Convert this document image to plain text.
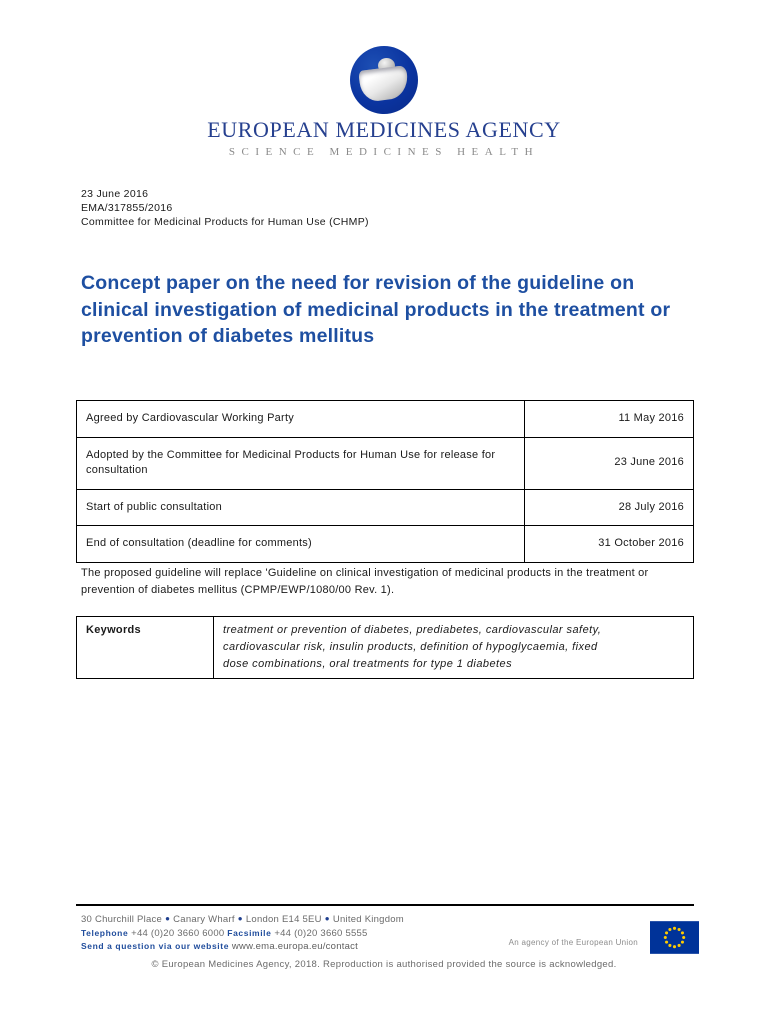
EUROPEAN MEDICINES AGENCY
SCIENCE MEDICINES HEALTH
23 June 2016
EMA/317855/2016
Committee for Medicinal Products for Human Use (CHMP)
Concept paper on the need for revision of the guideline on clinical investigation of medicinal products in the treatment or prevention of diabetes mellitus
Agreed by Cardiovascular Working Party	11 May 2016

Adopted by the Committee for Medicinal Products for Human Use for release for consultation	23 June 2016

Start of public consultation	28 July 2016

End of consultation (deadline for comments)	31 October 2016
The proposed guideline will replace 'Guideline on clinical investigation of medicinal products in the treatment or prevention of diabetes mellitus (CPMP/EWP/1080/00 Rev. 1).
Keywords	treatment or prevention of diabetes, prediabetes, cardiovascular safety, cardiovascular risk, insulin products, definition of hypoglycaemia, fixed dose combinations, oral treatments for type 1 diabetes
30 Churchill Place ● Canary Wharf ● London E14 5EU ● United Kingdom
Telephone +44 (0)20 3660 6000 Facsimile +44 (0)20 3660 5555
Send a question via our website www.ema.europa.eu/contact	An agency of the European Union
© European Medicines Agency, 2018. Reproduction is authorised provided the source is acknowledged.
